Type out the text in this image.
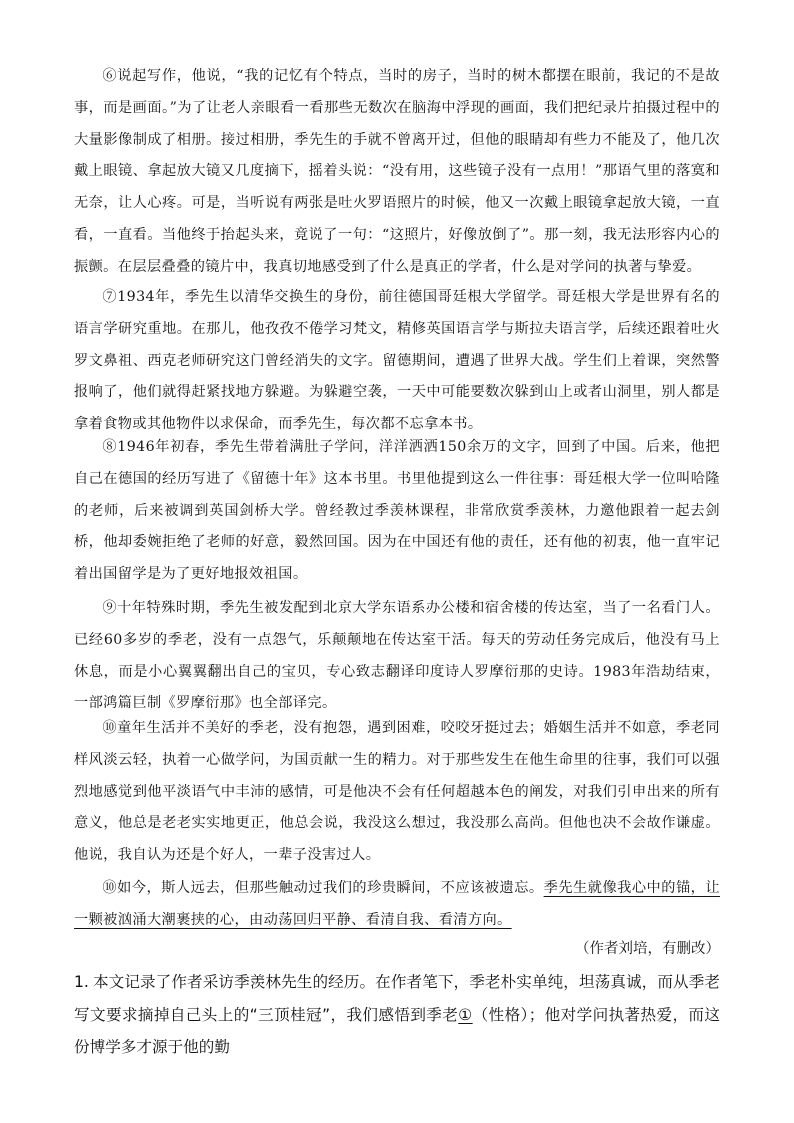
⑥说起写作，他说，“我的记忆有个特点，当时的房子，当时的树木都摆在眼前，我记的不是故事，而是画面。”为了让老人亲眼看一看那些无数次在脑海中浮现的画面，我们把纪录片拍摄过程中的大量影像制成了相册。接过相册，季先生的手就不曾离开过，但他的眼睛却有些力不能及了，他几次戴上眼镜、拿起放大镜又几度摘下，摇着头说：“没有用，这些镜子没有一点用！”那语气里的落寞和无奈，让人心疼。可是，当听说有两张是吐火罗语照片的时候，他又一次戴上眼镜拿起放大镜，一直看，一直看。当他终于抬起头来，竟说了一句：“这照片，好像放倒了”。那一刻，我无法形容内心的振颤。在层层叠叠的镜片中，我真切地感受到了什么是真正的学者，什么是对学问的执著与挚爱。

⑦1934年，季先生以清华交换生的身份，前往德国哥廷根大学留学。哥廷根大学是世界有名的语言学研究重地。在那儿，他孜孜不倦学习梵文，精修英国语言学与斯拉夫语言学，后续还跟着吐火罗文鼻祖、西克老师研究这门曾经消失的文字。留德期间，遭遇了世界大战。学生们上着课，突然警报响了，他们就得赶紧找地方躲避。为躲避空袭，一天中可能要数次躲到山上或者山洞里，别人都是拿着食物或其他物件以求保命，而季先生，每次都不忘拿本书。

⑧1946年初春，季先生带着满肚子学问，洋洋洒洒150余万的文字，回到了中国。后来，他把自己在德国的经历写进了《留德十年》这本书里。书里他提到这么一件往事：哥廷根大学一位叫哈隆的老师，后来被调到英国剑桥大学。曾经教过季羡林课程，非常欣赏季羡林，力邀他跟着一起去剑桥，他却委婉拒绝了老师的好意，毅然回国。因为在中国还有他的责任，还有他的初衷，他一直牢记着出国留学是为了更好地报效祖国。

⑨十年特殊时期，季先生被发配到北京大学东语系办公楼和宿舍楼的传达室，当了一名看门人。已经60多岁的季老，没有一点怨气，乐颠颠地在传达室干活。每天的劳动任务完成后，他没有马上休息，而是小心翼翼翻出自己的宝贝，专心致志翻译印度诗人罗摩衍那的史诗。1983年浩劫结束，一部鸿篇巨制《罗摩衍那》也全部译完。

⑩童年生活并不美好的季老，没有抱怨，遇到困难，咬咬牙挺过去；婚姻生活并不如意，季老同样风淡云轻，执着一心做学问，为国贡献一生的精力。对于那些发生在他生命里的往事，我们可以强烈地感觉到他平淡语气中丰沛的感情，可是他决不会有任何超越本色的阐发，对我们引申出来的所有意义，他总是老老实实地更正，他总会说，我没这么想过，我没那么高尚。但他也决不会故作谦虚。他说，我自认为还是个好人，一辈子没害过人。

⑩如今，斯人远去，但那些触动过我们的珍贵瞬间，不应该被遗忘。季先生就像我心中的锚，让一颗被汹涌大潮裹挟的心，由动荡回归平静、看清自我、看清方向。

（作者刘培，有删改）

1. 本文记录了作者采访季羡林先生的经历。在作者笔下，季老朴实单纯，坦荡真诚，而从季老写文要求摘掉自己头上的“三顶桂冠”，我们感悟到季老①（性格）；他对学问执著热爱，而这份博学多才源于他的勤
